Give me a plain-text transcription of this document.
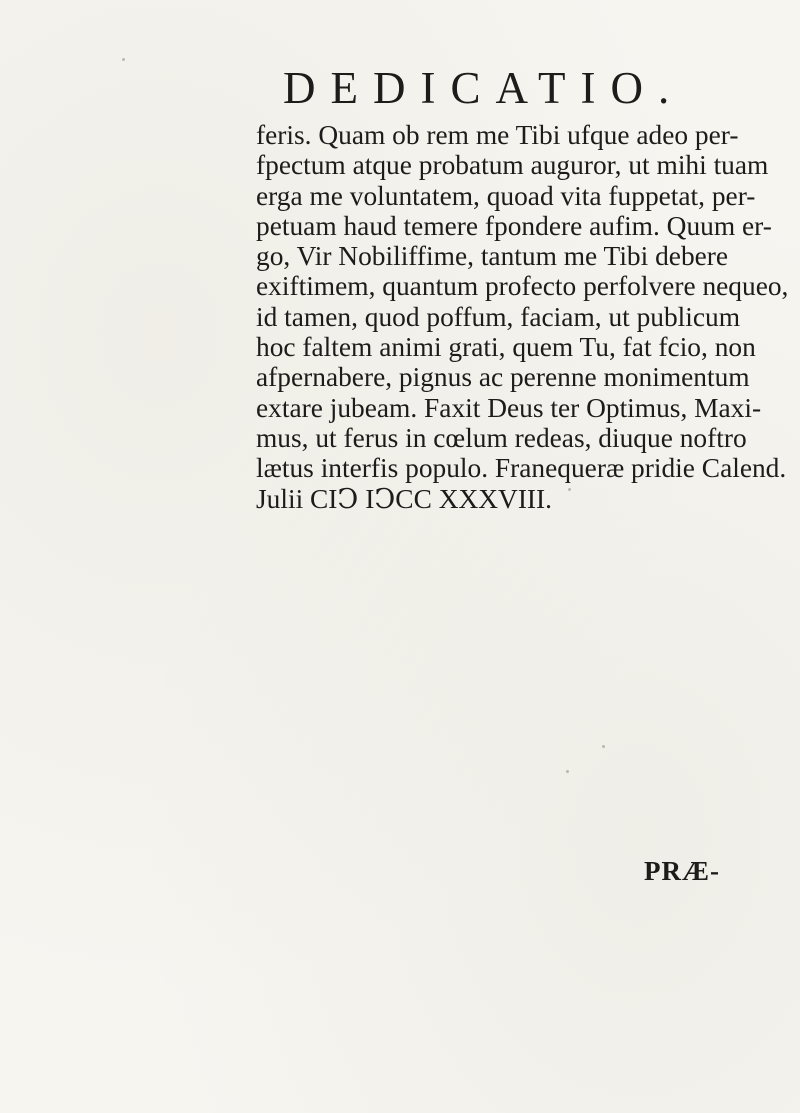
DEDICATIO.

feris. Quam ob rem me Tibi ufque adeo per-
fpectum atque probatum auguror, ut mihi tuam
erga me voluntatem, quoad vita fuppetat, per-
petuam haud temere fpondere aufim. Quum er-
go, Vir Nobiliffime, tantum me Tibi debere
exiftimem, quantum profecto perfolvere nequeo,
id tamen, quod poffum, faciam, ut publicum
hoc faltem animi grati, quem Tu, fat fcio, non
afpernabere, pignus ac perenne monimentum
extare jubeam. Faxit Deus ter Optimus, Maxi-
mus, ut ferus in cœlum redeas, diuque noftro
lætus interfis populo. Franequeræ pridie Calend.
Julii CIↃ IↃCC XXXVIII.

PRÆ-
